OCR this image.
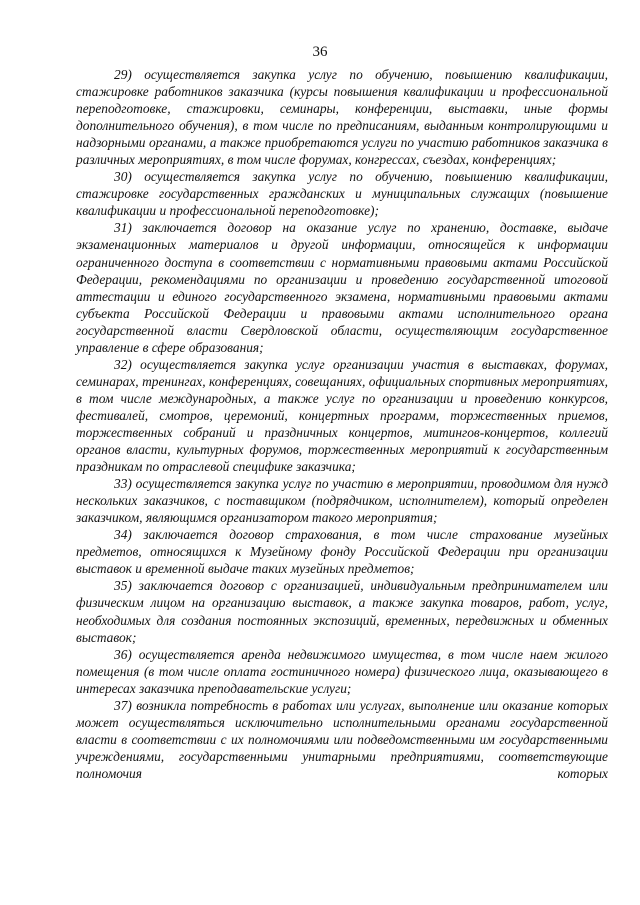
36

29) осуществляется закупка услуг по обучению, повышению квалификации, стажировке работников заказчика (курсы повышения квалификации и профессиональной переподготовке, стажировки, семинары, конференции, выставки, иные формы дополнительного обучения), в том числе по предписаниям, выданным контролирующими и надзорными органами, а также приобретаются услуги по участию работников заказчика в различных мероприятиях, в том числе форумах, конгрессах, съездах, конференциях;

30) осуществляется закупка услуг по обучению, повышению квалификации, стажировке государственных гражданских и муниципальных служащих (повышение квалификации и профессиональной переподготовке);

31) заключается договор на оказание услуг по хранению, доставке, выдаче экзаменационных материалов и другой информации, относящейся к информации ограниченного доступа в соответствии с нормативными правовыми актами Российской Федерации, рекомендациями по организации и проведению государственной итоговой аттестации и единого государственного экзамена, нормативными правовыми актами субъекта Российской Федерации и правовыми актами исполнительного органа государственной власти Свердловской области, осуществляющим государственное управление в сфере образования;

32) осуществляется закупка услуг организации участия в выставках, форумах, семинарах, тренингах, конференциях, совещаниях, официальных спортивных мероприятиях, в том числе международных, а также услуг по организации и проведению конкурсов, фестивалей, смотров, церемоний, концертных программ, торжественных приемов, торжественных собраний и праздничных концертов, митингов-концертов, коллегий органов власти, культурных форумов, торжественных мероприятий к государственным праздникам по отраслевой специфике заказчика;

33) осуществляется закупка услуг по участию в мероприятии, проводимом для нужд нескольких заказчиков, с поставщиком (подрядчиком, исполнителем), который определен заказчиком, являющимся организатором такого мероприятия;

34) заключается договор страхования, в том числе страхование музейных предметов, относящихся к Музейному фонду Российской Федерации при организации выставок и временной выдаче таких музейных предметов;

35) заключается договор с организацией, индивидуальным предпринимателем или физическим лицом на организацию выставок, а также закупка товаров, работ, услуг, необходимых для создания постоянных экспозиций, временных, передвижных и обменных выставок;

36) осуществляется аренда недвижимого имущества, в том числе наем жилого помещения (в том числе оплата гостиничного номера) физического лица, оказывающего в интересах заказчика преподавательские услуги;

37) возникла потребность в работах или услугах, выполнение или оказание которых может осуществляться исключительно исполнительными органами государственной власти в соответствии с их полномочиями или подведомственными им государственными учреждениями, государственными унитарными предприятиями, соответствующие полномочия которых
